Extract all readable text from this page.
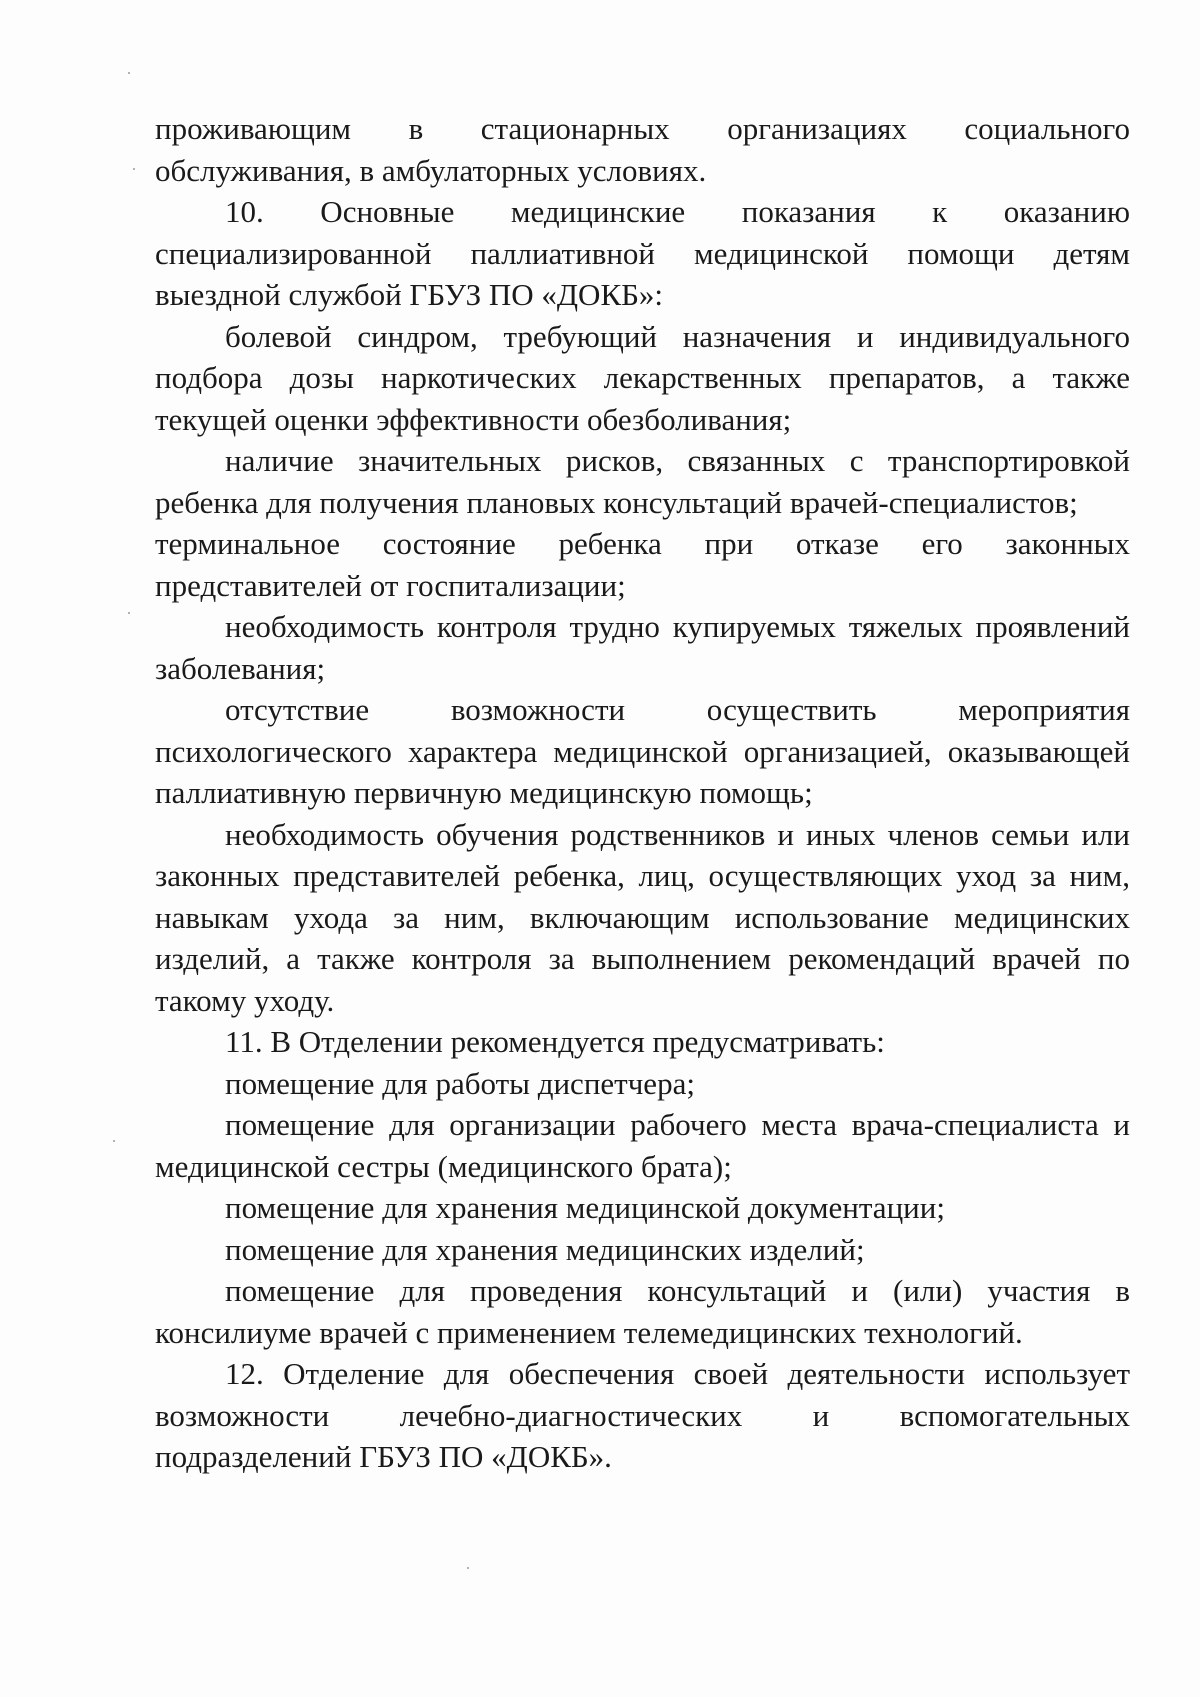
проживающим в стационарных организациях социального обслуживания, в амбулаторных условиях.

10. Основные медицинские показания к оказанию специализированной паллиативной медицинской помощи детям выездной службой ГБУЗ ПО «ДОКБ»:

болевой синдром, требующий назначения и индивидуального подбора дозы наркотических лекарственных препаратов, а также текущей оценки эффективности обезболивания;

наличие значительных рисков, связанных с транспортировкой ребенка для получения плановых консультаций врачей-специалистов;

терминальное состояние ребенка при отказе его законных представителей от госпитализации;

необходимость контроля трудно купируемых тяжелых проявлений заболевания;

отсутствие возможности осуществить мероприятия психологического характера медицинской организацией, оказывающей паллиативную первичную медицинскую помощь;

необходимость обучения родственников и иных членов семьи или законных представителей ребенка, лиц, осуществляющих уход за ним, навыкам ухода за ним, включающим использование медицинских изделий, а также контроля за выполнением рекомендаций врачей по такому уходу.

11. В Отделении рекомендуется предусматривать:

помещение для работы диспетчера;

помещение для организации рабочего места врача-специалиста и медицинской сестры (медицинского брата);

помещение для хранения медицинской документации;

помещение для хранения медицинских изделий;

помещение для проведения консультаций и (или) участия в консилиуме врачей с применением телемедицинских технологий.

12. Отделение для обеспечения своей деятельности использует возможности лечебно-диагностических и вспомогательных подразделений ГБУЗ ПО «ДОКБ».
